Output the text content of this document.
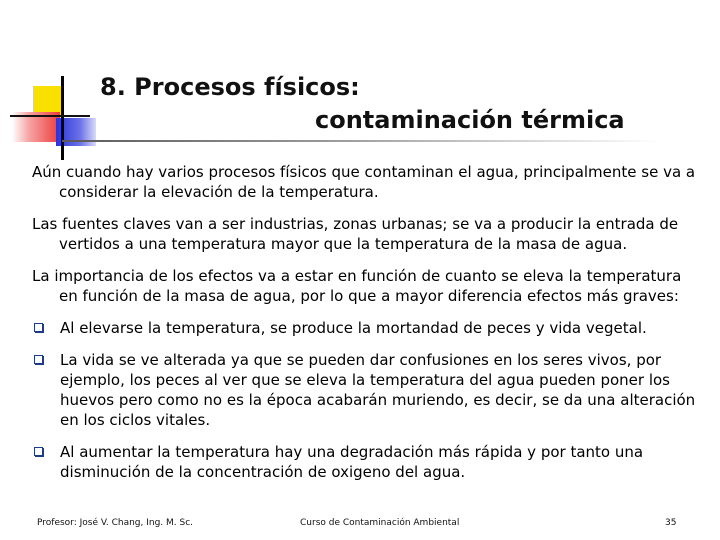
8. Procesos físicos:
contaminación térmica

Aún cuando hay varios procesos físicos que contaminan el agua, principalmente se va a considerar la elevación de la temperatura.

Las fuentes claves van a ser industrias, zonas urbanas; se va a producir la entrada de vertidos a una temperatura mayor que la temperatura de la masa de agua.

La importancia de los efectos va a estar en función de cuanto se eleva la temperatura en función de la masa de agua, por lo que a mayor diferencia efectos más graves:

Al elevarse la temperatura, se produce la mortandad de peces y vida vegetal.
La vida se ve alterada ya que se pueden dar confusiones en los seres vivos, por ejemplo, los peces al ver que se eleva la temperatura del agua pueden poner los huevos pero como no es la época acabarán muriendo, es decir, se da una alteración en los ciclos vitales.
Al aumentar la temperatura hay una degradación más rápida y por tanto una disminución de la concentración de oxigeno del agua.
Profesor: José V. Chang, Ing. M. Sc.	Curso de Contaminación Ambiental	35
